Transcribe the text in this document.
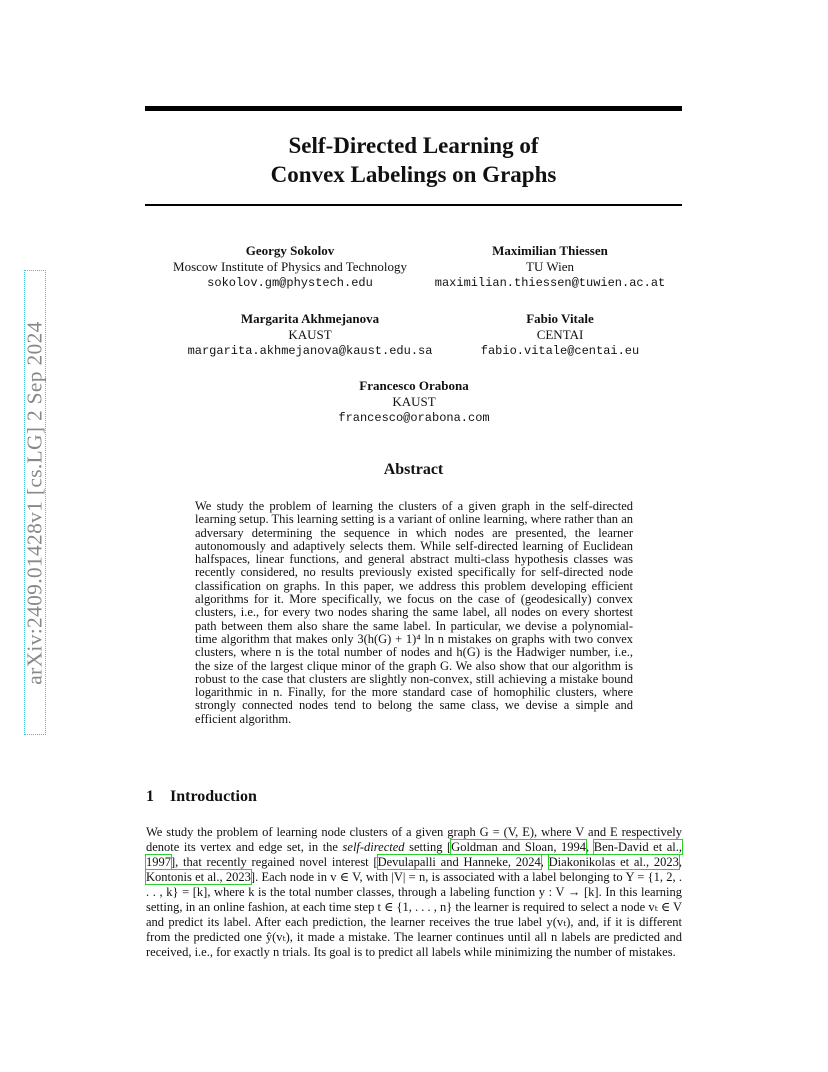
arXiv:2409.01428v1 [cs.LG] 2 Sep 2024
Self-Directed Learning of
Convex Labelings on Graphs
Georgy Sokolov
Moscow Institute of Physics and Technology
sokolov.gm@phystech.edu
Maximilian Thiessen
TU Wien
maximilian.thiessen@tuwien.ac.at
Margarita Akhmejanova
KAUST
margarita.akhmejanova@kaust.edu.sa
Fabio Vitale
CENTAI
fabio.vitale@centai.eu
Francesco Orabona
KAUST
francesco@orabona.com
Abstract
We study the problem of learning the clusters of a given graph in the self-directed learning setup. This learning setting is a variant of online learning, where rather than an adversary determining the sequence in which nodes are presented, the learner autonomously and adaptively selects them. While self-directed learning of Euclidean halfspaces, linear functions, and general abstract multi-class hypothesis classes was recently considered, no results previously existed specifically for self-directed node classification on graphs. In this paper, we address this problem developing efficient algorithms for it. More specifically, we focus on the case of (geodesically) convex clusters, i.e., for every two nodes sharing the same label, all nodes on every shortest path between them also share the same label. In particular, we devise a polynomial-time algorithm that makes only 3(h(G) + 1)⁴ ln n mistakes on graphs with two convex clusters, where n is the total number of nodes and h(G) is the Hadwiger number, i.e., the size of the largest clique minor of the graph G. We also show that our algorithm is robust to the case that clusters are slightly non-convex, still achieving a mistake bound logarithmic in n. Finally, for the more standard case of homophilic clusters, where strongly connected nodes tend to belong the same class, we devise a simple and efficient algorithm.
1 Introduction
We study the problem of learning node clusters of a given graph G = (V, E), where V and E respectively denote its vertex and edge set, in the self-directed setting [Goldman and Sloan, 1994, Ben-David et al., 1997], that recently regained novel interest [Devulapalli and Hanneke, 2024, Diakonikolas et al., 2023, Kontonis et al., 2023]. Each node in v ∈ V, with |V| = n, is associated with a label belonging to Y = {1, 2, . . . , k} = [k], where k is the total number classes, through a labeling function y : V → [k]. In this learning setting, in an online fashion, at each time step t ∈ {1, . . . , n} the learner is required to select a node vₜ ∈ V and predict its label. After each prediction, the learner receives the true label y(vₜ), and, if it is different from the predicted one ŷ(vₜ), it made a mistake. The learner continues until all n labels are predicted and received, i.e., for exactly n trials. Its goal is to predict all labels while minimizing the number of mistakes.
